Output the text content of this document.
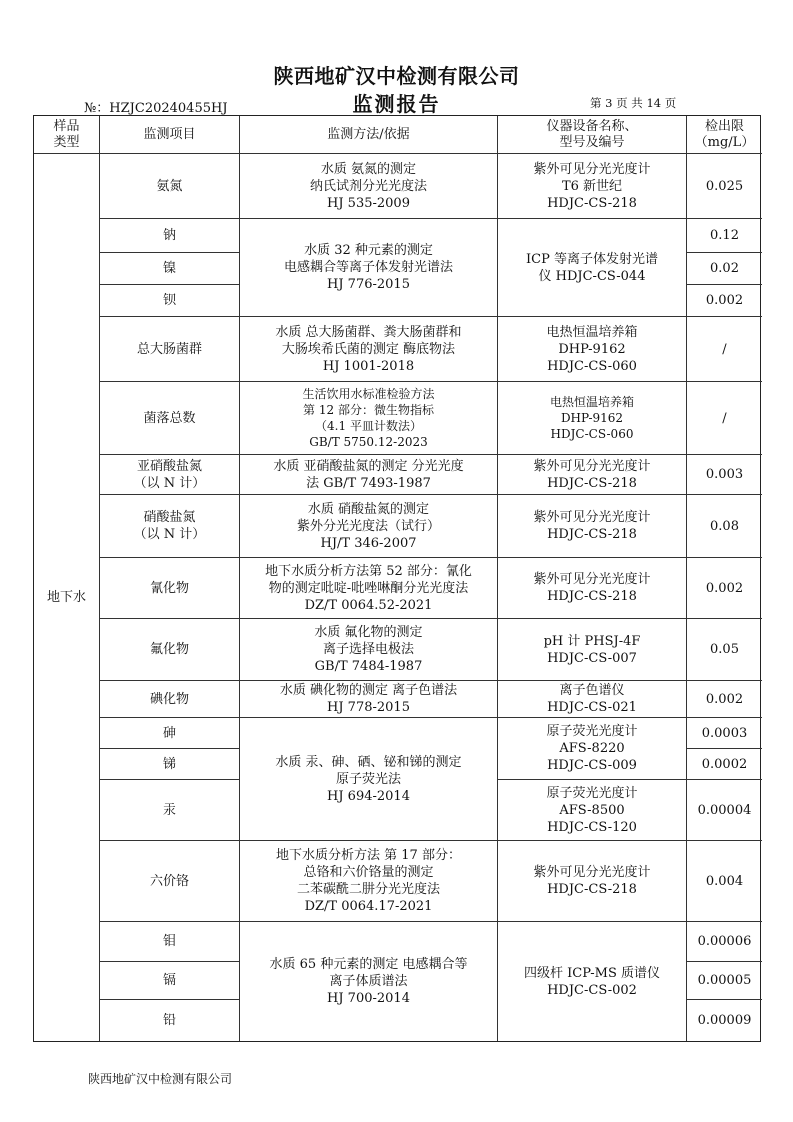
陕西地矿汉中检测有限公司
监测报告
№：HZJC20240455HJ	第 3 页 共 14 页
样品
类型
监测项目	监测方法/依据
仪器设备名称、
型号及编号
检出限
（mg/L）
地下水
氨氮
钠
镍
钡
总大肠菌群
菌落总数
亚硝酸盐氮
（以 N 计）
硝酸盐氮
（以 N 计）
氰化物
氟化物
碘化物
砷
锑
汞
六价铬
钼
镉
铅
0.025
0.12
0.02
0.002
/
/
0.003
0.08
0.002
0.05
0.002
0.0003
0.0002
0.00004
0.004
0.00006
0.00005
0.00009
水质 氨氮的测定
纳氏试剂分光光度法
HJ 535-2009
水质 32 种元素的测定
电感耦合等离子体发射光谱法
HJ 776-2015
水质 总大肠菌群、粪大肠菌群和
大肠埃希氏菌的测定 酶底物法
HJ 1001-2018
生活饮用水标准检验方法
第 12 部分：微生物指标
（4.1 平皿计数法）
GB/T 5750.12-2023
水质 亚硝酸盐氮的测定 分光光度
法 GB/T 7493-1987
水质 硝酸盐氮的测定
紫外分光光度法（试行）
HJ/T 346-2007
地下水质分析方法第 52 部分：氰化
物的测定吡啶-吡唑啉酮分光光度法
DZ/T 0064.52-2021
水质 氟化物的测定
离子选择电极法
GB/T 7484-1987
水质 碘化物的测定 离子色谱法
HJ 778-2015
水质 汞、砷、硒、铋和锑的测定
原子荧光法
HJ 694-2014
地下水质分析方法 第 17 部分：
总铬和六价铬量的测定
二苯碳酰二肼分光光度法
DZ/T 0064.17-2021
水质 65 种元素的测定 电感耦合等
离子体质谱法
HJ 700-2014
紫外可见分光光度计
T6 新世纪
HDJC-CS-218
ICP 等离子体发射光谱
仪 HDJC-CS-044
电热恒温培养箱
DHP-9162
HDJC-CS-060
电热恒温培养箱
DHP-9162
HDJC-CS-060
紫外可见分光光度计
HDJC-CS-218
紫外可见分光光度计
HDJC-CS-218
紫外可见分光光度计
HDJC-CS-218
pH 计 PHSJ-4F
HDJC-CS-007
离子色谱仪
HDJC-CS-021
原子荧光光度计
AFS-8220
HDJC-CS-009
原子荧光光度计
AFS-8500
HDJC-CS-120
紫外可见分光光度计
HDJC-CS-218
四级杆 ICP-MS 质谱仪
HDJC-CS-002
陕西地矿汉中检测有限公司
